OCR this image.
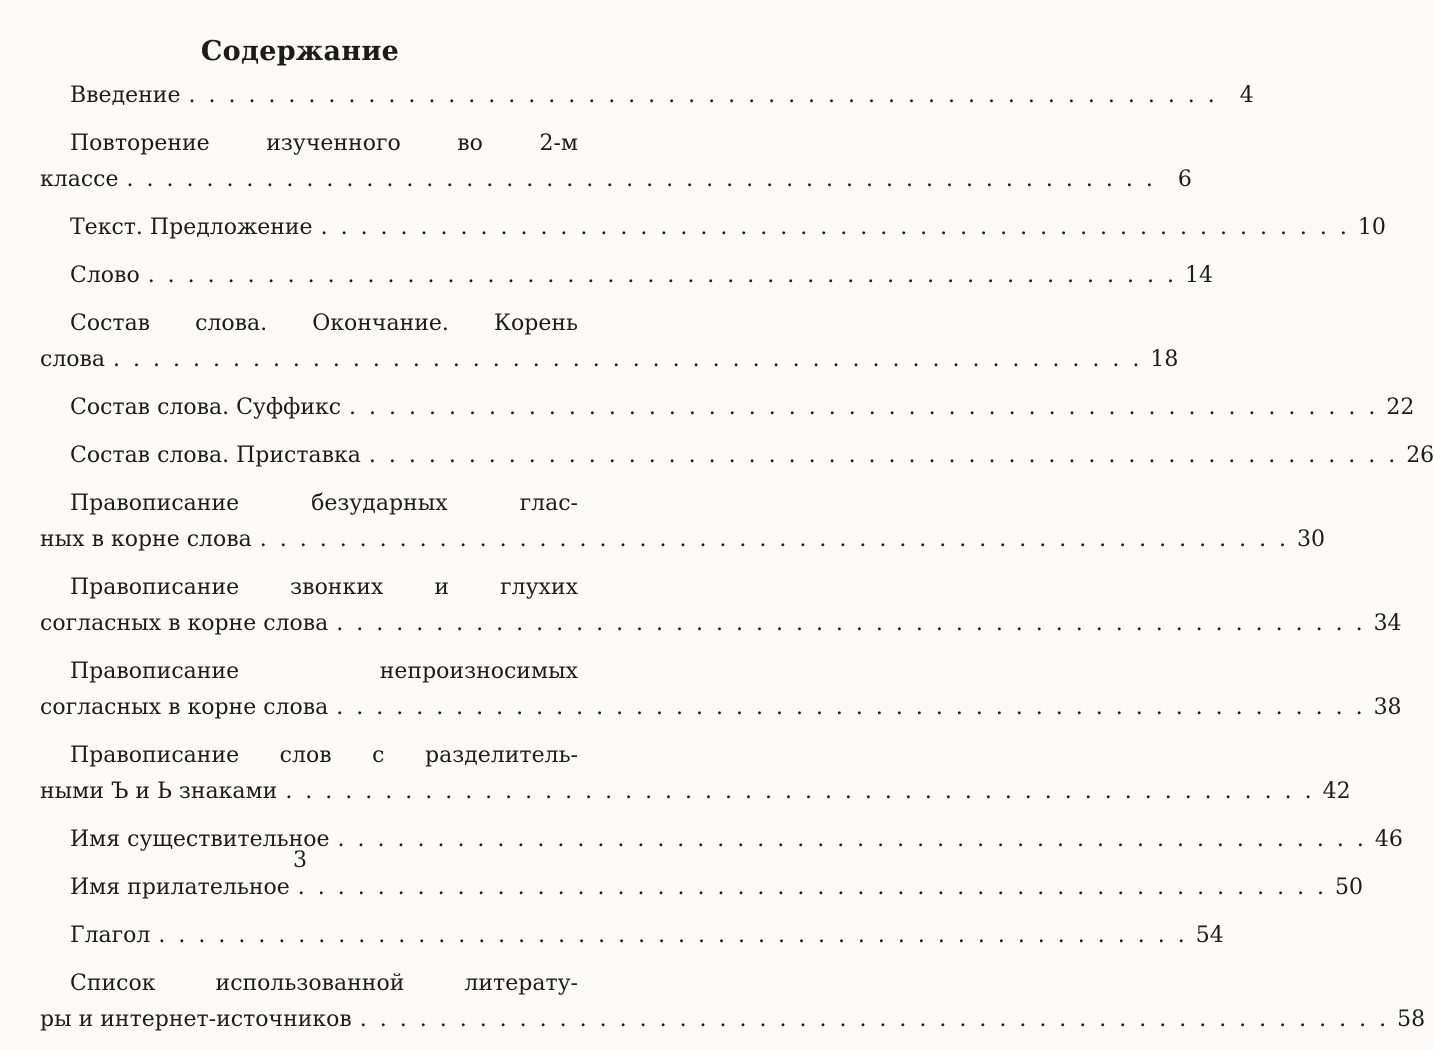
Содержание
Введение . . . . . . . . . . . . . . . . . . . . . . . . . . . . . . . . . . . . . . . . . . . . . . . . . . . .	4
Повторение изученного во 2-м
классе . . . . . . . . . . . . . . . . . . . . . . . . . . . . . . . . . . . . . . . . . . . . . . . . . . . .	6
Текст. Предложение . . . . . . . . . . . . . . . . . . . . . . . . . . . . . . . . . . . . . . . . . . . . . . . . . . . . 10
Слово . . . . . . . . . . . . . . . . . . . . . . . . . . . . . . . . . . . . . . . . . . . . . . . . . . . . 14
Состав слова. Окончание. Корень
слова . . . . . . . . . . . . . . . . . . . . . . . . . . . . . . . . . . . . . . . . . . . . . . . . . . . . 18
Состав слова. Суффикс . . . . . . . . . . . . . . . . . . . . . . . . . . . . . . . . . . . . . . . . . . . . . . . . . . . . 22
Состав слова. Приставка . . . . . . . . . . . . . . . . . . . . . . . . . . . . . . . . . . . . . . . . . . . . . . . . . . . . 26
Правописание безударных глас-
ных в корне слова . . . . . . . . . . . . . . . . . . . . . . . . . . . . . . . . . . . . . . . . . . . . . . . . . . . . 30
Правописание звонких и глухих
согласных в корне слова . . . . . . . . . . . . . . . . . . . . . . . . . . . . . . . . . . . . . . . . . . . . . . . . . . . . 34
Правописание непроизносимых
согласных в корне слова . . . . . . . . . . . . . . . . . . . . . . . . . . . . . . . . . . . . . . . . . . . . . . . . . . . . 38
Правописание слов с разделитель-
ными Ъ и Ь знаками . . . . . . . . . . . . . . . . . . . . . . . . . . . . . . . . . . . . . . . . . . . . . . . . . . . . 42
Имя существительное . . . . . . . . . . . . . . . . . . . . . . . . . . . . . . . . . . . . . . . . . . . . . . . . . . . . 46
Имя прилательное . . . . . . . . . . . . . . . . . . . . . . . . . . . . . . . . . . . . . . . . . . . . . . . . . . . . 50
Глагол . . . . . . . . . . . . . . . . . . . . . . . . . . . . . . . . . . . . . . . . . . . . . . . . . . . . 54
Список использованной литерату-
ры и интернет-источников . . . . . . . . . . . . . . . . . . . . . . . . . . . . . . . . . . . . . . . . . . . . . . . . . . . . 58
3
